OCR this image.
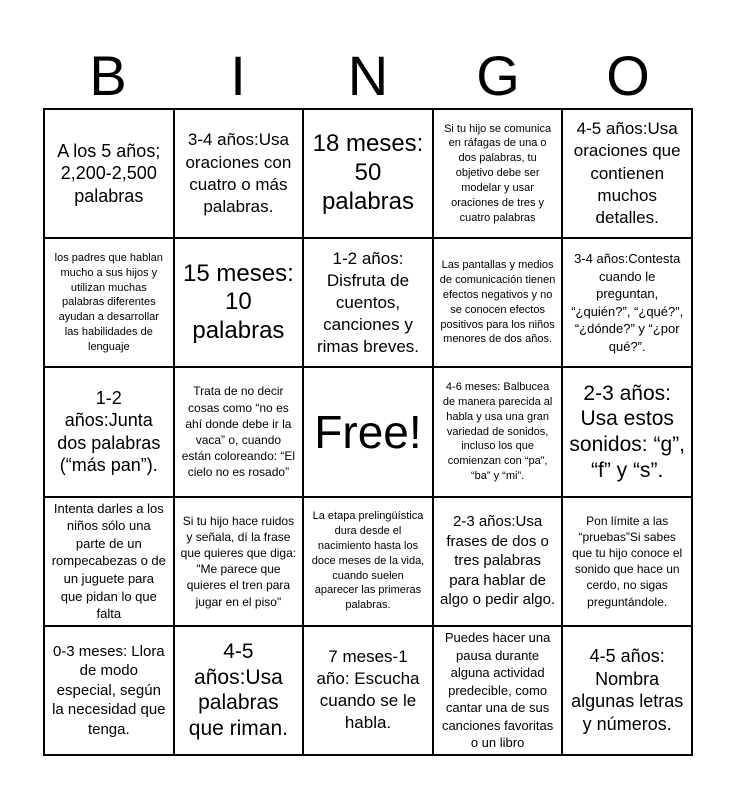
B	I	N	G	O
A los 5 años; 2,200-2,500 palabras
3-4 años:Usa oraciones con cuatro o más palabras.
18 meses: 50 palabras
Si tu hijo se comunica en ráfagas de una o dos palabras, tu objetivo debe ser modelar y usar oraciones de tres y cuatro palabras
4-5 años:Usa oraciones que contienen muchos detalles.
los padres que hablan mucho a sus hijos y utilizan muchas palabras diferentes ayudan a desarrollar las habilidades de lenguaje
15 meses: 10 palabras
1-2 años: Disfruta de cuentos, canciones y rimas breves.
Las pantallas y medios de comunicación tienen efectos negativos y no se conocen efectos positivos para los niños menores de dos años.
3-4 años:Contesta cuando le preguntan, “¿quién?”, “¿qué?”, “¿dónde?” y “¿por qué?”.
1-2 años:Junta dos palabras (“más pan”).
Trata de no decir cosas como “no es ahí donde debe ir la vaca” o, cuando están coloreando: “El cielo no es rosado”
Free!
4-6 meses: Balbucea de manera parecida al habla y usa una gran variedad de sonidos, incluso los que comienzan con “pa”, “ba” y “mi”.
2-3 años: Usa estos sonidos: “g”, “f” y “s”.
Intenta darles a los niños sólo una parte de un rompecabezas o de un juguete para que pidan lo que falta
Si tu hijo hace ruidos y señala, dí la frase que quieres que diga: "Me parece que quieres el tren para jugar en el piso"
La etapa prelingüística dura desde el nacimiento hasta los doce meses de la vida, cuando suelen aparecer las primeras palabras.
2-3 años:Usa frases de dos o tres palabras para hablar de algo o pedir algo.
Pon límite a las “pruebas”Si sabes que tu hijo conoce el sonido que hace un cerdo, no sigas preguntándole.
0-3 meses: Llora de modo especial, según la necesidad que tenga.
4-5 años:Usa palabras que riman.
7 meses-1 año: Escucha cuando se le habla.
Puedes hacer una pausa durante alguna actividad predecible, como cantar una de sus canciones favoritas o un libro
4-5 años: Nombra algunas letras y números.
